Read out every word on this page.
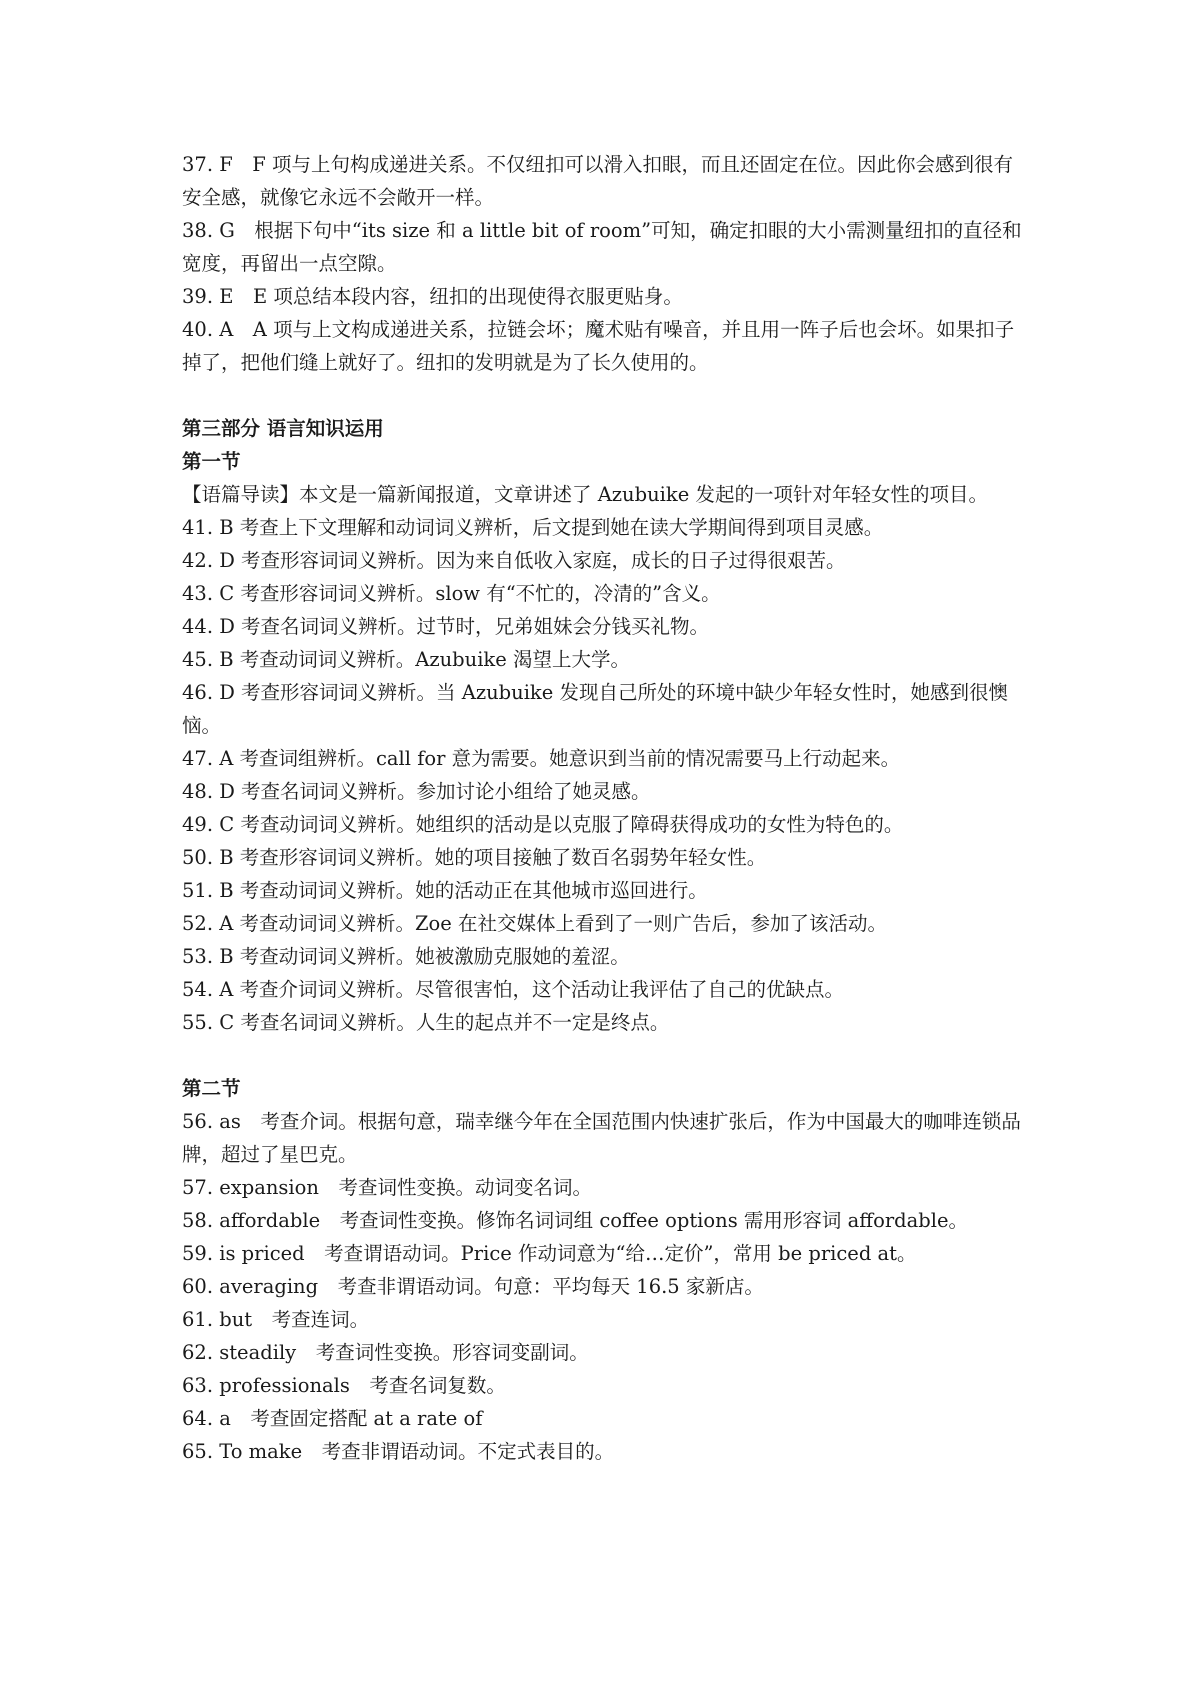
37. F　F 项与上句构成递进关系。不仅纽扣可以滑入扣眼，而且还固定在位。因此你会感到很有安全感，就像它永远不会敞开一样。

38. G　根据下句中“its size 和 a little bit of room”可知，确定扣眼的大小需测量纽扣的直径和宽度，再留出一点空隙。

39. E　E 项总结本段内容，纽扣的出现使得衣服更贴身。

40. A　A 项与上文构成递进关系，拉链会坏；魔术贴有噪音，并且用一阵子后也会坏。如果扣子掉了，把他们缝上就好了。纽扣的发明就是为了长久使用的。

第三部分 语言知识运用

第一节

【语篇导读】本文是一篇新闻报道，文章讲述了 Azubuike 发起的一项针对年轻女性的项目。

41. B 考查上下文理解和动词词义辨析，后文提到她在读大学期间得到项目灵感。

42. D 考查形容词词义辨析。因为来自低收入家庭，成长的日子过得很艰苦。

43. C 考查形容词词义辨析。slow 有“不忙的，冷清的”含义。

44. D 考查名词词义辨析。过节时，兄弟姐妹会分钱买礼物。

45. B 考查动词词义辨析。Azubuike 渴望上大学。

46. D 考查形容词词义辨析。当 Azubuike 发现自己所处的环境中缺少年轻女性时，她感到很懊恼。

47. A 考查词组辨析。call for 意为需要。她意识到当前的情况需要马上行动起来。

48. D 考查名词词义辨析。参加讨论小组给了她灵感。

49. C 考查动词词义辨析。她组织的活动是以克服了障碍获得成功的女性为特色的。

50. B 考查形容词词义辨析。她的项目接触了数百名弱势年轻女性。

51. B 考查动词词义辨析。她的活动正在其他城市巡回进行。

52. A 考查动词词义辨析。Zoe 在社交媒体上看到了一则广告后，参加了该活动。

53. B 考查动词词义辨析。她被激励克服她的羞涩。

54. A 考查介词词义辨析。尽管很害怕，这个活动让我评估了自己的优缺点。

55. C 考查名词词义辨析。人生的起点并不一定是终点。

第二节

56. as　考查介词。根据句意，瑞幸继今年在全国范围内快速扩张后，作为中国最大的咖啡连锁品牌，超过了星巴克。

57. expansion　考查词性变换。动词变名词。

58. affordable　考查词性变换。修饰名词词组 coffee options 需用形容词 affordable。

59. is priced　考查谓语动词。Price 作动词意为“给…定价”，常用 be priced at。

60. averaging　考查非谓语动词。句意：平均每天 16.5 家新店。

61. but　考查连词。

62. steadily　考查词性变换。形容词变副词。

63. professionals　考查名词复数。

64. a　考查固定搭配 at a rate of

65. To make　考查非谓语动词。不定式表目的。
